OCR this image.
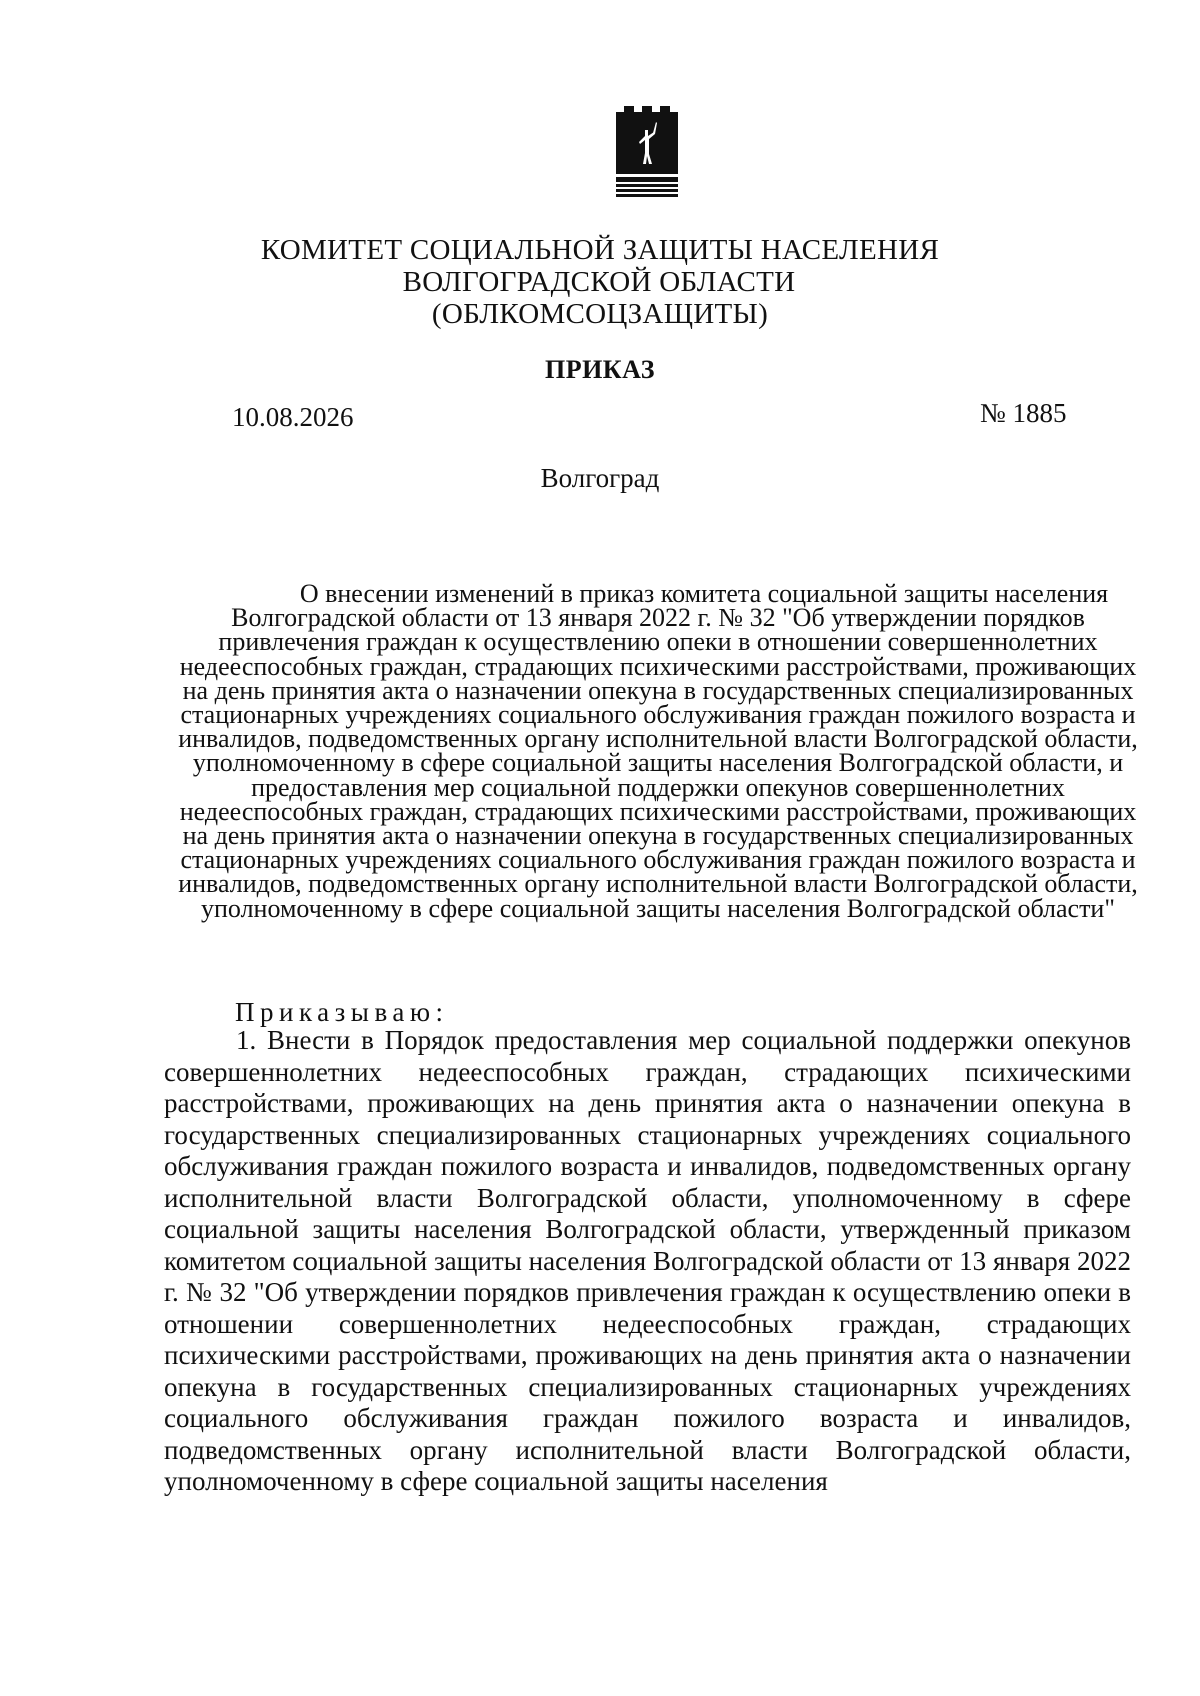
КОМИТЕТ СОЦИАЛЬНОЙ ЗАЩИТЫ НАСЕЛЕНИЯ
ВОЛГОГРАДСКОЙ ОБЛАСТИ
(ОБЛКОМСОЦЗАЩИТЫ)
ПРИКАЗ
10.08.2026	№ 1885
Волгоград
О внесении изменений в приказ комитета социальной защиты населения Волгоградской области от 13 января 2022 г. № 32 "Об утверждении порядков привлечения граждан к осуществлению опеки в отношении совершеннолетних недееспособных граждан, страдающих психическими расстройствами, проживающих на день принятия акта о назначении опекуна в государственных специализированных стационарных учреждениях социального обслуживания граждан пожилого возраста и инвалидов, подведомственных органу исполнительной власти Волгоградской области, уполномоченному в сфере социальной защиты населения Волгоградской области, и предоставления мер социальной поддержки опекунов совершеннолетних недееспособных граждан, страдающих психическими расстройствами, проживающих на день принятия акта о назначении опекуна в государственных специализированных стационарных учреждениях социального обслуживания граждан пожилого возраста и инвалидов, подведомственных органу исполнительной власти Волгоградской области, уполномоченному в сфере социальной защиты населения Волгоградской области"
Приказываю:
1. Внести в Порядок предоставления мер социальной поддержки опекунов совершеннолетних недееспособных граждан, страдающих психическими расстройствами, проживающих на день принятия акта о назначении опекуна в государственных специализированных стационарных учреждениях социального обслуживания граждан пожилого возраста и инвалидов, подведомственных органу исполнительной власти Волгоградской области, уполномоченному в сфере социальной защиты населения Волгоградской области, утвержденный приказом комитетом социальной защиты населения Волгоградской области от 13 января 2022 г. № 32 "Об утверждении порядков привлечения граждан к осуществлению опеки в отношении совершеннолетних недееспособных граждан, страдающих психическими расстройствами, проживающих на день принятия акта о назначении опекуна в государственных специализированных стационарных учреждениях социального обслуживания граждан пожилого возраста и инвалидов, подведомственных органу исполнительной власти Волгоградской области, уполномоченному в сфере социальной защиты населения
